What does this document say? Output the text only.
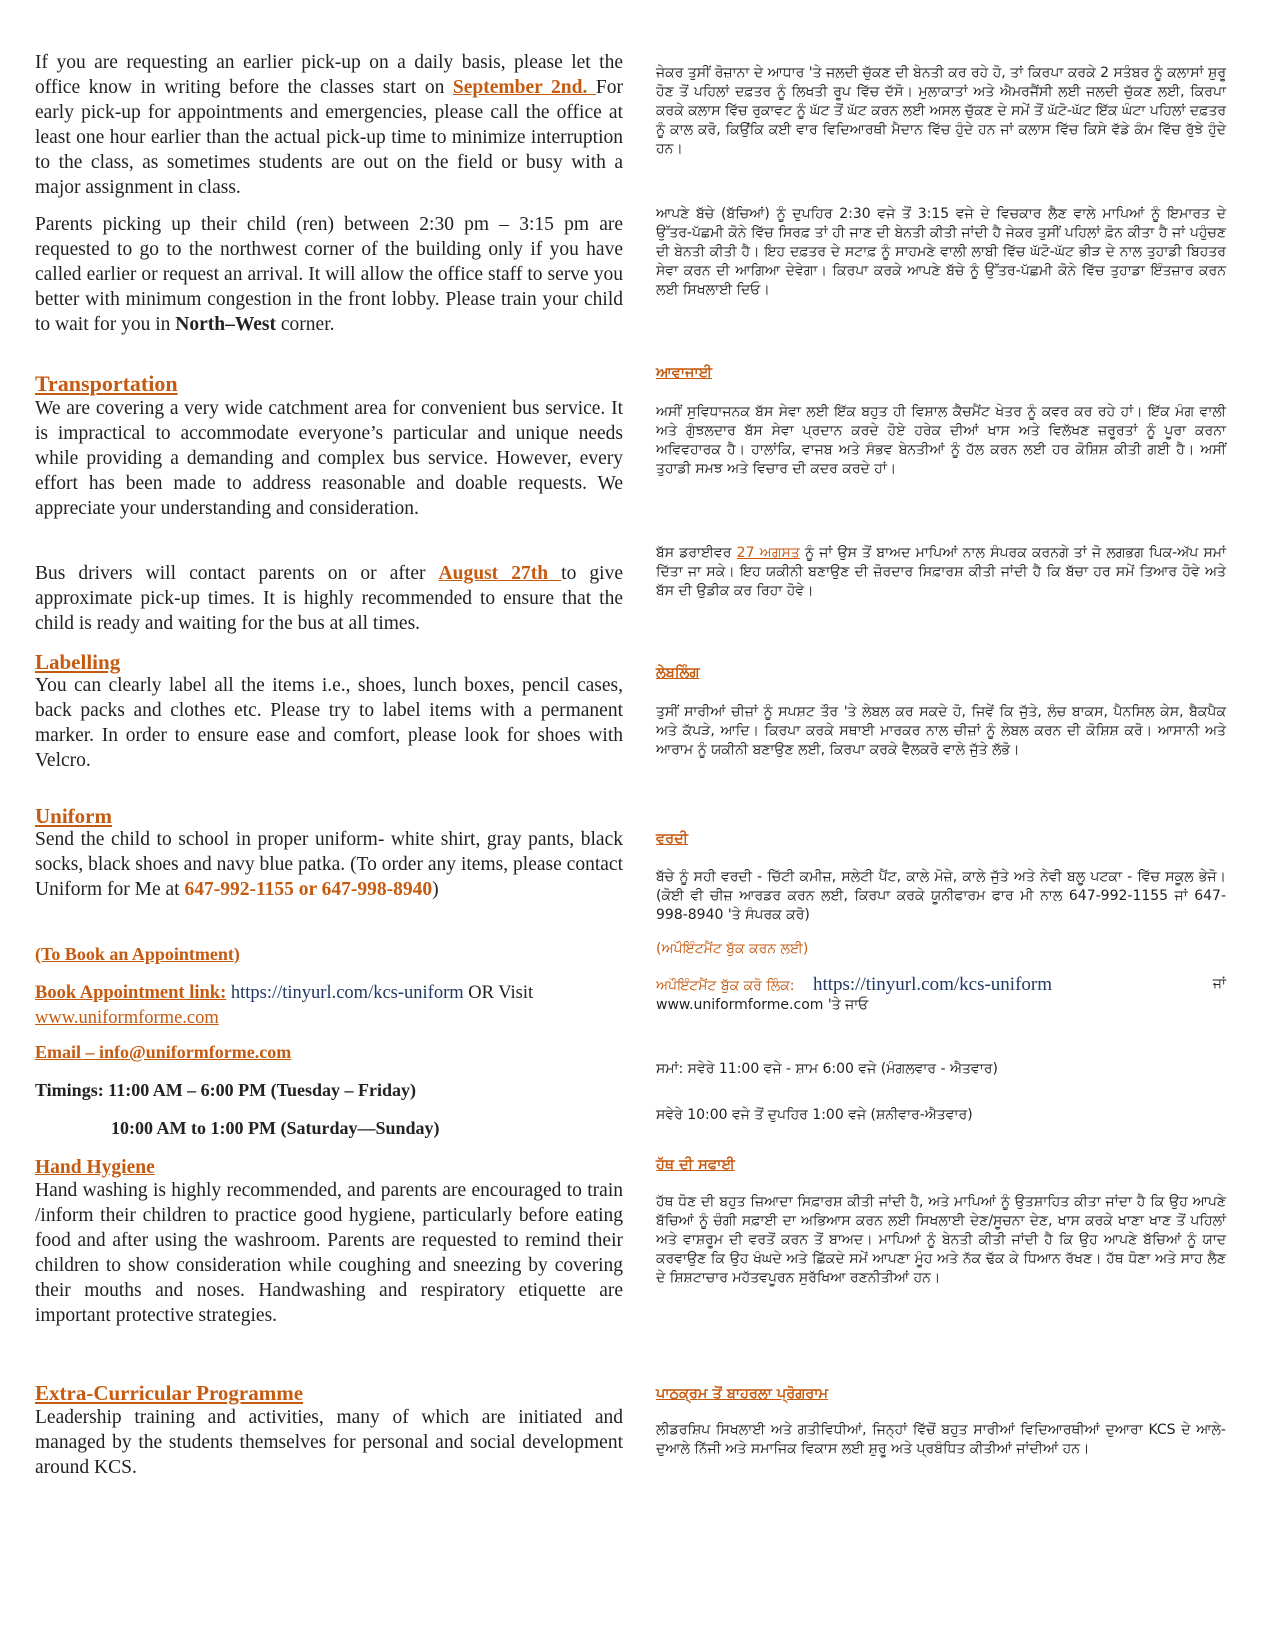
If you are requesting an earlier pick-up on a daily basis, please let the office know in writing before the classes start on September 2nd. For early pick-up for appointments and emergencies, please call the office at least one hour earlier than the actual pick-up time to minimize interruption to the class, as sometimes students are out on the field or busy with a major assignment in class.

Parents picking up their child (ren) between 2:30 pm – 3:15 pm are requested to go to the northwest corner of the building only if you have called earlier or request an arrival. It will allow the office staff to serve you better with minimum congestion in the front lobby. Please train your child to wait for you in North–West corner.

Transportation

We are covering a very wide catchment area for convenient bus service. It is impractical to accommodate everyone’s particular and unique needs while providing a demanding and complex bus service. However, every effort has been made to address reasonable and doable requests. We appreciate your understanding and consideration.

Bus drivers will contact parents on or after August 27th to give approximate pick-up times. It is highly recommended to ensure that the child is ready and waiting for the bus at all times.

Labelling

You can clearly label all the items i.e., shoes, lunch boxes, pencil cases, back packs and clothes etc. Please try to label items with a permanent marker. In order to ensure ease and comfort, please look for shoes with Velcro.

Uniform

Send the child to school in proper uniform- white shirt, gray pants, black socks, black shoes and navy blue patka. (To order any items, please contact Uniform for Me at 647-992-1155 or 647-998-8940)

(To Book an Appointment)

Book Appointment link: https://tinyurl.com/kcs-uniform OR Visit
www.uniformforme.com

Email – info@uniformforme.com
Timings: 11:00 AM – 6:00 PM (Tuesday – Friday)
10:00 AM to 1:00 PM (Saturday—Sunday)
Hand Hygiene

Hand washing is highly recommended, and parents are encouraged to train /inform their children to practice good hygiene, particularly before eating food and after using the washroom. Parents are requested to remind their children to show consideration while coughing and sneezing by covering their mouths and noses. Handwashing and respiratory etiquette are important protective strategies.

Extra-Curricular Programme

Leadership training and activities, many of which are initiated and managed by the students themselves for personal and social development around KCS.

ਜੇਕਰ ਤੁਸੀਂ ਰੋਜ਼ਾਨਾ ਦੇ ਆਧਾਰ 'ਤੇ ਜਲਦੀ ਚੁੱਕਣ ਦੀ ਬੇਨਤੀ ਕਰ ਰਹੇ ਹੋ, ਤਾਂ ਕਿਰਪਾ ਕਰਕੇ 2 ਸਤੰਬਰ ਨੂੰ ਕਲਾਸਾਂ ਸ਼ੁਰੂ ਹੋਣ ਤੋਂ ਪਹਿਲਾਂ ਦਫ਼ਤਰ ਨੂੰ ਲਿਖਤੀ ਰੂਪ ਵਿੱਚ ਦੱਸੋ। ਮੁਲਾਕਾਤਾਂ ਅਤੇ ਐਮਰਜੈਂਸੀ ਲਈ ਜਲਦੀ ਚੁੱਕਣ ਲਈ, ਕਿਰਪਾ ਕਰਕੇ ਕਲਾਸ ਵਿੱਚ ਰੁਕਾਵਟ ਨੂੰ ਘੱਟ ਤੋਂ ਘੱਟ ਕਰਨ ਲਈ ਅਸਲ ਚੁੱਕਣ ਦੇ ਸਮੇਂ ਤੋਂ ਘੱਟੋ-ਘੱਟ ਇੱਕ ਘੰਟਾ ਪਹਿਲਾਂ ਦਫ਼ਤਰ ਨੂੰ ਕਾਲ ਕਰੋ, ਕਿਉਂਕਿ ਕਈ ਵਾਰ ਵਿਦਿਆਰਥੀ ਮੈਦਾਨ ਵਿੱਚ ਹੁੰਦੇ ਹਨ ਜਾਂ ਕਲਾਸ ਵਿੱਚ ਕਿਸੇ ਵੱਡੇ ਕੰਮ ਵਿੱਚ ਰੁੱਝੇ ਹੁੰਦੇ ਹਨ।

ਆਪਣੇ ਬੱਚੇ (ਬੱਚਿਆਂ) ਨੂੰ ਦੁਪਹਿਰ 2:30 ਵਜੇ ਤੋਂ 3:15 ਵਜੇ ਦੇ ਵਿਚਕਾਰ ਲੈਣ ਵਾਲੇ ਮਾਪਿਆਂ ਨੂੰ ਇਮਾਰਤ ਦੇ ਉੱਤਰ-ਪੱਛਮੀ ਕੋਨੇ ਵਿੱਚ ਸਿਰਫ਼ ਤਾਂ ਹੀ ਜਾਣ ਦੀ ਬੇਨਤੀ ਕੀਤੀ ਜਾਂਦੀ ਹੈ ਜੇਕਰ ਤੁਸੀਂ ਪਹਿਲਾਂ ਫ਼ੋਨ ਕੀਤਾ ਹੈ ਜਾਂ ਪਹੁੰਚਣ ਦੀ ਬੇਨਤੀ ਕੀਤੀ ਹੈ। ਇਹ ਦਫ਼ਤਰ ਦੇ ਸਟਾਫ਼ ਨੂੰ ਸਾਹਮਣੇ ਵਾਲੀ ਲਾਬੀ ਵਿੱਚ ਘੱਟੋ-ਘੱਟ ਭੀੜ ਦੇ ਨਾਲ ਤੁਹਾਡੀ ਬਿਹਤਰ ਸੇਵਾ ਕਰਨ ਦੀ ਆਗਿਆ ਦੇਵੇਗਾ। ਕਿਰਪਾ ਕਰਕੇ ਆਪਣੇ ਬੱਚੇ ਨੂੰ ਉੱਤਰ-ਪੱਛਮੀ ਕੋਨੇ ਵਿੱਚ ਤੁਹਾਡਾ ਇੰਤਜ਼ਾਰ ਕਰਨ ਲਈ ਸਿਖਲਾਈ ਦਿਓ।

ਆਵਾਜਾਈ

ਅਸੀਂ ਸੁਵਿਧਾਜਨਕ ਬੱਸ ਸੇਵਾ ਲਈ ਇੱਕ ਬਹੁਤ ਹੀ ਵਿਸ਼ਾਲ ਕੈਚਮੈਂਟ ਖੇਤਰ ਨੂੰ ਕਵਰ ਕਰ ਰਹੇ ਹਾਂ। ਇੱਕ ਮੰਗ ਵਾਲੀ ਅਤੇ ਗੁੰਝਲਦਾਰ ਬੱਸ ਸੇਵਾ ਪ੍ਰਦਾਨ ਕਰਦੇ ਹੋਏ ਹਰੇਕ ਦੀਆਂ ਖਾਸ ਅਤੇ ਵਿਲੱਖਣ ਜ਼ਰੂਰਤਾਂ ਨੂੰ ਪੂਰਾ ਕਰਨਾ ਅਵਿਵਹਾਰਕ ਹੈ। ਹਾਲਾਂਕਿ, ਵਾਜਬ ਅਤੇ ਸੰਭਵ ਬੇਨਤੀਆਂ ਨੂੰ ਹੱਲ ਕਰਨ ਲਈ ਹਰ ਕੋਸ਼ਿਸ਼ ਕੀਤੀ ਗਈ ਹੈ। ਅਸੀਂ ਤੁਹਾਡੀ ਸਮਝ ਅਤੇ ਵਿਚਾਰ ਦੀ ਕਦਰ ਕਰਦੇ ਹਾਂ।

ਬੱਸ ਡਰਾਈਵਰ 27 ਅਗਸਤ ਨੂੰ ਜਾਂ ਉਸ ਤੋਂ ਬਾਅਦ ਮਾਪਿਆਂ ਨਾਲ ਸੰਪਰਕ ਕਰਨਗੇ ਤਾਂ ਜੋ ਲਗਭਗ ਪਿਕ-ਅੱਪ ਸਮਾਂ ਦਿੱਤਾ ਜਾ ਸਕੇ। ਇਹ ਯਕੀਨੀ ਬਣਾਉਣ ਦੀ ਜ਼ੋਰਦਾਰ ਸਿਫ਼ਾਰਸ਼ ਕੀਤੀ ਜਾਂਦੀ ਹੈ ਕਿ ਬੱਚਾ ਹਰ ਸਮੇਂ ਤਿਆਰ ਹੋਵੇ ਅਤੇ ਬੱਸ ਦੀ ਉਡੀਕ ਕਰ ਰਿਹਾ ਹੋਵੇ।

ਲੇਬਲਿੰਗ

ਤੁਸੀਂ ਸਾਰੀਆਂ ਚੀਜ਼ਾਂ ਨੂੰ ਸਪਸ਼ਟ ਤੌਰ 'ਤੇ ਲੇਬਲ ਕਰ ਸਕਦੇ ਹੋ, ਜਿਵੇਂ ਕਿ ਜੁੱਤੇ, ਲੰਚ ਬਾਕਸ, ਪੈਨਸਿਲ ਕੇਸ, ਬੈਕਪੈਕ ਅਤੇ ਕੱਪੜੇ, ਆਦਿ। ਕਿਰਪਾ ਕਰਕੇ ਸਥਾਈ ਮਾਰਕਰ ਨਾਲ ਚੀਜ਼ਾਂ ਨੂੰ ਲੇਬਲ ਕਰਨ ਦੀ ਕੋਸ਼ਿਸ਼ ਕਰੋ। ਆਸਾਨੀ ਅਤੇ ਆਰਾਮ ਨੂੰ ਯਕੀਨੀ ਬਣਾਉਣ ਲਈ, ਕਿਰਪਾ ਕਰਕੇ ਵੈਲਕਰੋ ਵਾਲੇ ਜੁੱਤੇ ਲੱਭੋ।

ਵਰਦੀ

ਬੱਚੇ ਨੂੰ ਸਹੀ ਵਰਦੀ - ਚਿੱਟੀ ਕਮੀਜ਼, ਸਲੇਟੀ ਪੈਂਟ, ਕਾਲੇ ਮੋਜ਼ੇ, ਕਾਲੇ ਜੁੱਤੇ ਅਤੇ ਨੇਵੀ ਬਲੂ ਪਟਕਾ - ਵਿੱਚ ਸਕੂਲ ਭੇਜੋ। (ਕੋਈ ਵੀ ਚੀਜ਼ ਆਰਡਰ ਕਰਨ ਲਈ, ਕਿਰਪਾ ਕਰਕੇ ਯੂਨੀਫਾਰਮ ਫਾਰ ਮੀ ਨਾਲ 647-992-1155 ਜਾਂ 647-998-8940 'ਤੇ ਸੰਪਰਕ ਕਰੋ)

(ਅਪੌਇੰਟਮੈਂਟ ਬੁੱਕ ਕਰਨ ਲਈ)
ਅਪੌਇੰਟਮੈਂਟ ਬੁੱਕ ਕਰੋ ਲਿੰਕ: https://tinyurl.com/kcs-uniform	ਜਾਂ

www.uniformforme.com 'ਤੇ ਜਾਓ
ਸਮਾਂ: ਸਵੇਰੇ 11:00 ਵਜੇ - ਸ਼ਾਮ 6:00 ਵਜੇ (ਮੰਗਲਵਾਰ - ਐਤਵਾਰ)
ਸਵੇਰੇ 10:00 ਵਜੇ ਤੋਂ ਦੁਪਹਿਰ 1:00 ਵਜੇ (ਸ਼ਨੀਵਾਰ-ਐਤਵਾਰ)
ਹੱਥ ਦੀ ਸਫਾਈ

ਹੱਥ ਧੋਣ ਦੀ ਬਹੁਤ ਜ਼ਿਆਦਾ ਸਿਫ਼ਾਰਸ਼ ਕੀਤੀ ਜਾਂਦੀ ਹੈ, ਅਤੇ ਮਾਪਿਆਂ ਨੂੰ ਉਤਸ਼ਾਹਿਤ ਕੀਤਾ ਜਾਂਦਾ ਹੈ ਕਿ ਉਹ ਆਪਣੇ ਬੱਚਿਆਂ ਨੂੰ ਚੰਗੀ ਸਫ਼ਾਈ ਦਾ ਅਭਿਆਸ ਕਰਨ ਲਈ ਸਿਖਲਾਈ ਦੇਣ/ਸੂਚਨਾ ਦੇਣ, ਖਾਸ ਕਰਕੇ ਖਾਣਾ ਖਾਣ ਤੋਂ ਪਹਿਲਾਂ ਅਤੇ ਵਾਸ਼ਰੂਮ ਦੀ ਵਰਤੋਂ ਕਰਨ ਤੋਂ ਬਾਅਦ। ਮਾਪਿਆਂ ਨੂੰ ਬੇਨਤੀ ਕੀਤੀ ਜਾਂਦੀ ਹੈ ਕਿ ਉਹ ਆਪਣੇ ਬੱਚਿਆਂ ਨੂੰ ਯਾਦ ਕਰਵਾਉਣ ਕਿ ਉਹ ਖੰਘਦੇ ਅਤੇ ਛਿੱਕਦੇ ਸਮੇਂ ਆਪਣਾ ਮੂੰਹ ਅਤੇ ਨੱਕ ਢੱਕ ਕੇ ਧਿਆਨ ਰੱਖਣ। ਹੱਥ ਧੋਣਾ ਅਤੇ ਸਾਹ ਲੈਣ ਦੇ ਸ਼ਿਸ਼ਟਾਚਾਰ ਮਹੱਤਵਪੂਰਨ ਸੁਰੱਖਿਆ ਰਣਨੀਤੀਆਂ ਹਨ।

ਪਾਠਕ੍ਰਮ ਤੋਂ ਬਾਹਰਲਾ ਪ੍ਰੋਗਰਾਮ

ਲੀਡਰਸ਼ਿਪ ਸਿਖਲਾਈ ਅਤੇ ਗਤੀਵਿਧੀਆਂ, ਜਿਨ੍ਹਾਂ ਵਿੱਚੋਂ ਬਹੁਤ ਸਾਰੀਆਂ ਵਿਦਿਆਰਥੀਆਂ ਦੁਆਰਾ KCS ਦੇ ਆਲੇ-ਦੁਆਲੇ ਨਿੱਜੀ ਅਤੇ ਸਮਾਜਿਕ ਵਿਕਾਸ ਲਈ ਸ਼ੁਰੂ ਅਤੇ ਪ੍ਰਬੰਧਿਤ ਕੀਤੀਆਂ ਜਾਂਦੀਆਂ ਹਨ।
